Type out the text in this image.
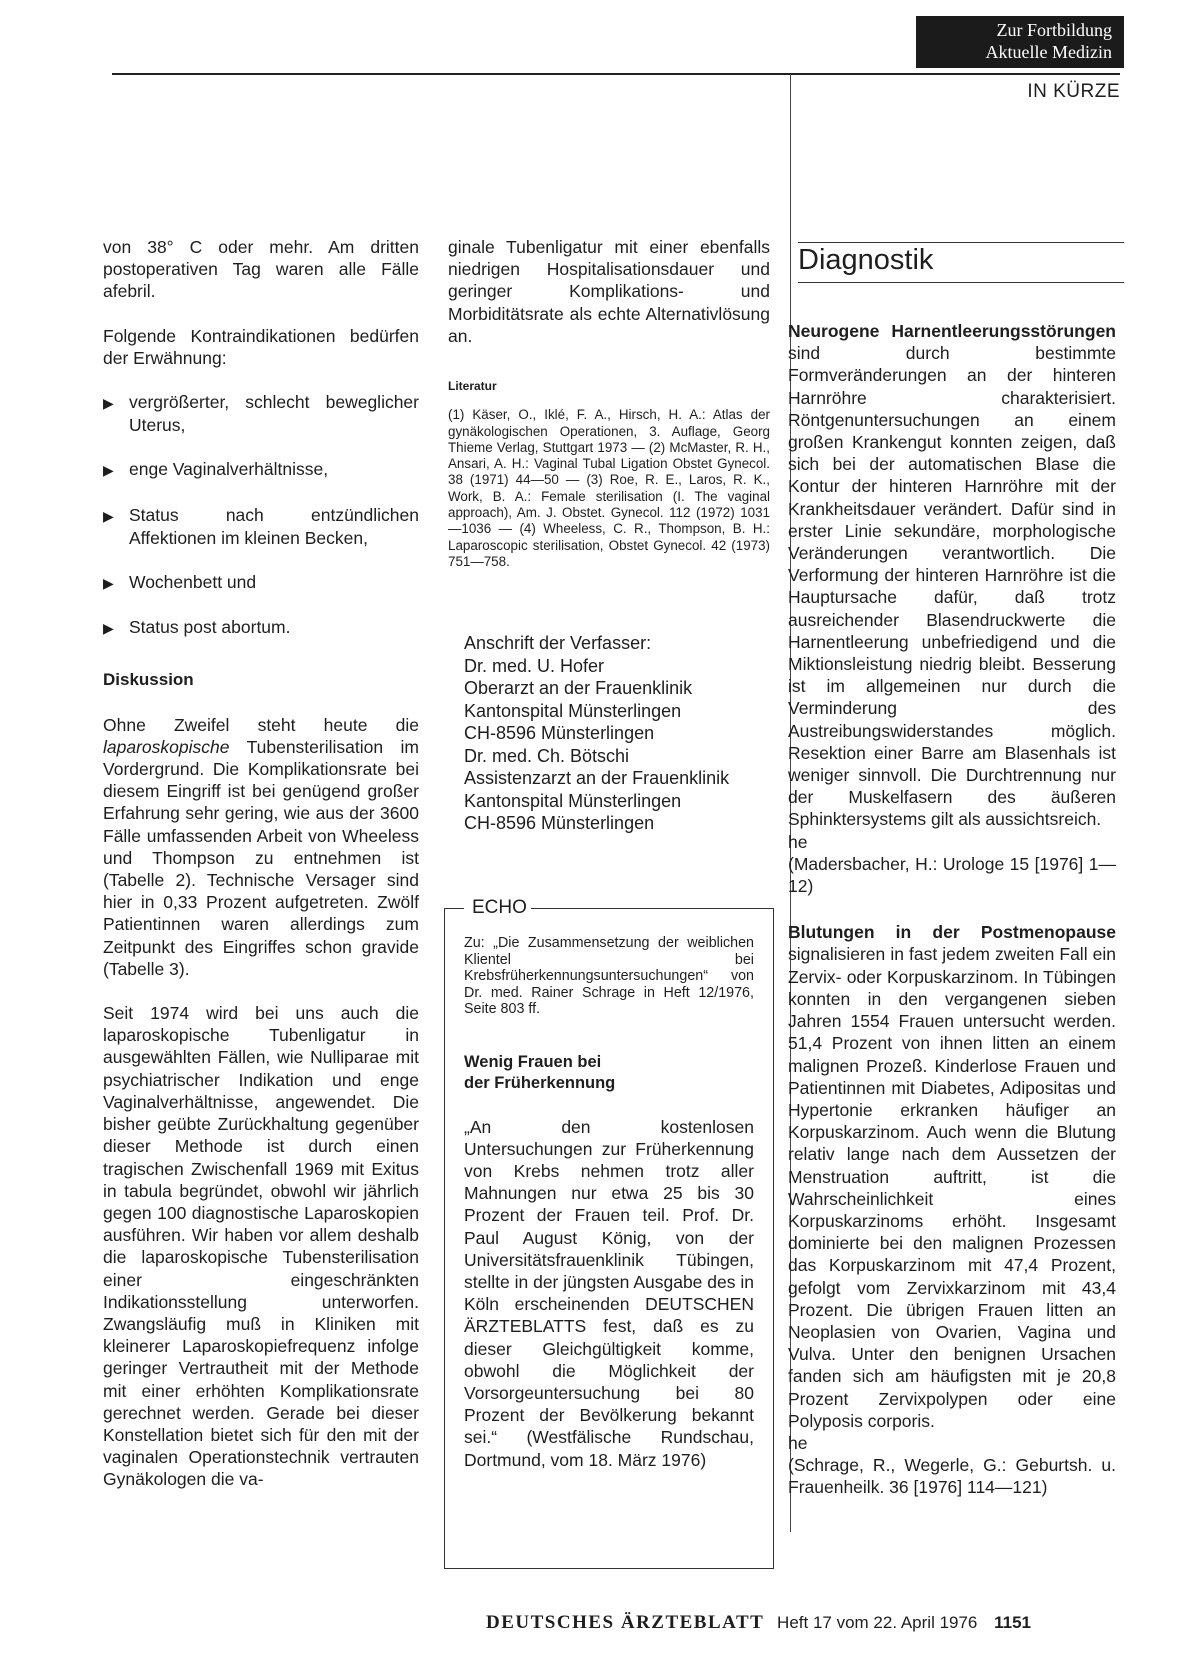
Zur Fortbildung
Aktuelle Medizin
IN KÜRZE

von 38° C oder mehr. Am dritten postoperativen Tag waren alle Fälle afebril.

Folgende Kontraindikationen bedürfen der Erwähnung:

▶ vergrößerter, schlecht beweglicher Uterus,

▶ enge Vaginalverhältnisse,

▶ Status nach entzündlichen Affektionen im kleinen Becken,

▶ Wochenbett und

▶ Status post abortum.

Diskussion

Ohne Zweifel steht heute die laparoskopische Tubensterilisation im Vordergrund. Die Komplikationsrate bei diesem Eingriff ist bei genügend großer Erfahrung sehr gering, wie aus der 3600 Fälle umfassenden Arbeit von Wheeless und Thompson zu entnehmen ist (Tabelle 2). Technische Versager sind hier in 0,33 Prozent aufgetreten. Zwölf Patientinnen waren allerdings zum Zeitpunkt des Eingriffes schon gravide (Tabelle 3).

Seit 1974 wird bei uns auch die laparoskopische Tubenligatur in ausgewählten Fällen, wie Nulliparae mit psychiatrischer Indikation und enge Vaginalverhältnisse, angewendet. Die bisher geübte Zurückhaltung gegenüber dieser Methode ist durch einen tragischen Zwischenfall 1969 mit Exitus in tabula begründet, obwohl wir jährlich gegen 100 diagnostische Laparoskopien ausführen. Wir haben vor allem deshalb die laparoskopische Tubensterilisation einer eingeschränkten Indikationsstellung unterworfen. Zwangsläufig muß in Kliniken mit kleinerer Laparoskopiefrequenz infolge geringer Vertrautheit mit der Methode mit einer erhöhten Komplikationsrate gerechnet werden. Gerade bei dieser Konstellation bietet sich für den mit der vaginalen Operationstechnik vertrauten Gynäkologen die va-

ginale Tubenligatur mit einer ebenfalls niedrigen Hospitalisationsdauer und geringer Komplikations- und Morbiditätsrate als echte Alternativlösung an.

Literatur

(1) Käser, O., Iklé, F. A., Hirsch, H. A.: Atlas der gynäkologischen Operationen, 3. Auflage, Georg Thieme Verlag, Stuttgart 1973 — (2) McMaster, R. H., Ansari, A. H.: Vaginal Tubal Ligation Obstet Gynecol. 38 (1971) 44—50 — (3) Roe, R. E., Laros, R. K., Work, B. A.: Female sterilisation (I. The vaginal approach), Am. J. Obstet. Gynecol. 112 (1972) 1031—1036 — (4) Wheeless, C. R., Thompson, B. H.: Laparoscopic sterilisation, Obstet Gynecol. 42 (1973) 751—758.

Anschrift der Verfasser:
Dr. med. U. Hofer
Oberarzt an der Frauenklinik
Kantonspital Münsterlingen
CH-8596 Münsterlingen
Dr. med. Ch. Bötschi
Assistenzarzt an der Frauenklinik
Kantonspital Münsterlingen
CH-8596 Münsterlingen
ECHO

Zu: „Die Zusammensetzung der weiblichen Klientel bei Krebsfrüherkennungsuntersuchungen“ von Dr. med. Rainer Schrage in Heft 12/1976, Seite 803 ff.

Wenig Frauen bei
der Früherkennung

„An den kostenlosen Untersuchungen zur Früherkennung von Krebs nehmen trotz aller Mahnungen nur etwa 25 bis 30 Prozent der Frauen teil. Prof. Dr. Paul August König, von der Universitätsfrauenklinik Tübingen, stellte in der jüngsten Ausgabe des in Köln erscheinenden DEUTSCHEN ÄRZTEBLATTS fest, daß es zu dieser Gleichgültigkeit komme, obwohl die Möglichkeit der Vorsorgeuntersuchung bei 80 Prozent der Bevölkerung bekannt sei.“ (Westfälische Rundschau, Dortmund, vom 18. März 1976)

Diagnostik

Neurogene Harnentleerungsstörungen sind durch bestimmte Formveränderungen an der hinteren Harnröhre charakterisiert. Röntgenuntersuchungen an einem großen Krankengut konnten zeigen, daß sich bei der automatischen Blase die Kontur der hinteren Harnröhre mit der Krankheitsdauer verändert. Dafür sind in erster Linie sekundäre, morphologische Veränderungen verantwortlich. Die Verformung der hinteren Harnröhre ist die Hauptursache dafür, daß trotz ausreichender Blasendruckwerte die Harnentleerung unbefriedigend und die Miktionsleistung niedrig bleibt. Besserung ist im allgemeinen nur durch die Verminderung des Austreibungswiderstandes möglich. Resektion einer Barre am Blasenhals ist weniger sinnvoll. Die Durchtrennung nur der Muskelfasern des äußeren Sphinktersystems gilt als aussichtsreich.

he

(Madersbacher, H.: Urologe 15 [1976] 1—12)

Blutungen in der Postmenopause signalisieren in fast jedem zweiten Fall ein Zervix- oder Korpuskarzinom. In Tübingen konnten in den vergangenen sieben Jahren 1554 Frauen untersucht werden. 51,4 Prozent von ihnen litten an einem malignen Prozeß. Kinderlose Frauen und Patientinnen mit Diabetes, Adipositas und Hypertonie erkranken häufiger an Korpuskarzinom. Auch wenn die Blutung relativ lange nach dem Aussetzen der Menstruation auftritt, ist die Wahrscheinlichkeit eines Korpuskarzinoms erhöht. Insgesamt dominierte bei den malignen Prozessen das Korpuskarzinom mit 47,4 Prozent, gefolgt vom Zervixkarzinom mit 43,4 Prozent. Die übrigen Frauen litten an Neoplasien von Ovarien, Vagina und Vulva. Unter den benignen Ursachen fanden sich am häufigsten mit je 20,8 Prozent Zervixpolypen oder eine Polyposis corporis.

he

(Schrage, R., Wegerle, G.: Geburtsh. u. Frauenheilk. 36 [1976] 114—121)

DEUTSCHES ÄRZTEBLATT Heft 17 vom 22. April 1976 1151
